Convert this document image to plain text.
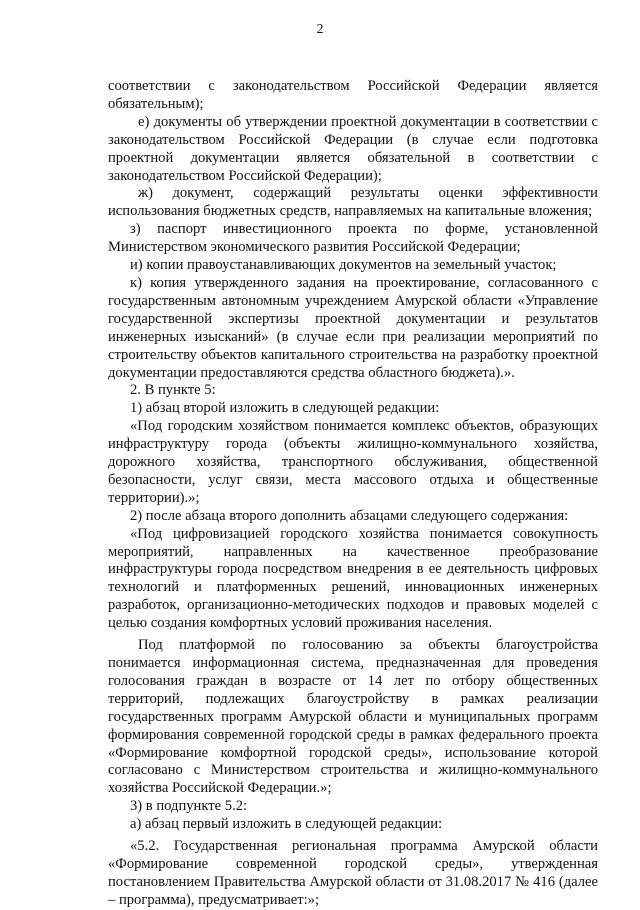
2

соответствии с законодательством Российской Федерации является обязательным);

е) документы об утверждении проектной документации в соответствии с законодательством Российской Федерации (в случае если подготовка проектной документации является обязательной в соответствии с законодательством Российской Федерации);

ж) документ, содержащий результаты оценки эффективности использования бюджетных средств, направляемых на капитальные вложения;

з) паспорт инвестиционного проекта по форме, установленной Министерством экономического развития Российской Федерации;

и) копии правоустанавливающих документов на земельный участок;

к) копия утвержденного задания на проектирование, согласованного с государственным автономным учреждением Амурской области «Управление государственной экспертизы проектной документации и результатов инженерных изысканий» (в случае если при реализации мероприятий по строительству объектов капитального строительства на разработку проектной документации предоставляются средства областного бюджета).».

2. В пункте 5:

1) абзац второй изложить в следующей редакции:

«Под городским хозяйством понимается комплекс объектов, образующих инфраструктуру города (объекты жилищно-коммунального хозяйства, дорожного хозяйства, транспортного обслуживания, общественной безопасности, услуг связи, места массового отдыха и общественные территории).»;

2) после абзаца второго дополнить абзацами следующего содержания:

«Под цифровизацией городского хозяйства понимается совокупность мероприятий, направленных на качественное преобразование инфраструктуры города посредством внедрения в ее деятельность цифровых технологий и платформенных решений, инновационных инженерных разработок, организационно-методических подходов и правовых моделей с целью создания комфортных условий проживания населения.

Под платформой по голосованию за объекты благоустройства понимается информационная система, предназначенная для проведения голосования граждан в возрасте от 14 лет по отбору общественных территорий, подлежащих благоустройству в рамках реализации государственных программ Амурской области и муниципальных программ формирования современной городской среды в рамках федерального проекта «Формирование комфортной городской среды», использование которой согласовано с Министерством строительства и жилищно-коммунального хозяйства Российской Федерации.»;

3) в подпункте 5.2:

а) абзац первый изложить в следующей редакции:

«5.2. Государственная региональная программа Амурской области «Формирование современной городской среды», утвержденная постановлением Правительства Амурской области от 31.08.2017 № 416 (далее – программа), предусматривает:»;
